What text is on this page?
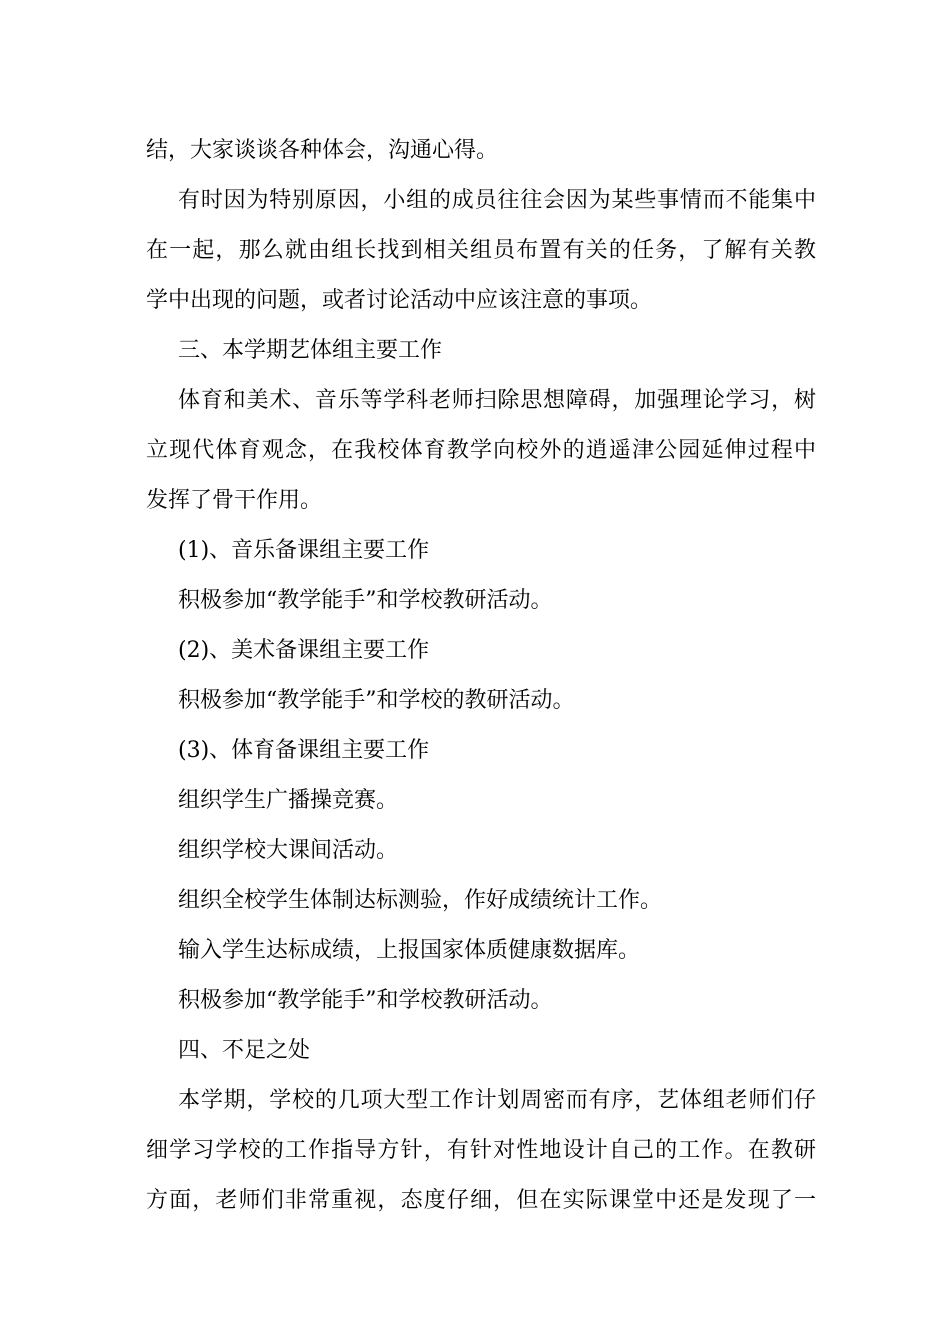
结，大家谈谈各种体会，沟通心得。
有时因为特别原因，小组的成员往往会因为某些事情而不能集中
在一起，那么就由组长找到相关组员布置有关的任务，了解有关教
学中出现的问题，或者讨论活动中应该注意的事项。
三、本学期艺体组主要工作
体育和美术、音乐等学科老师扫除思想障碍，加强理论学习，树
立现代体育观念，在我校体育教学向校外的逍遥津公园延伸过程中
发挥了骨干作用。
(1)、音乐备课组主要工作
积极参加“教学能手”和学校教研活动。
(2)、美术备课组主要工作
积极参加“教学能手”和学校的教研活动。
(3)、体育备课组主要工作
组织学生广播操竞赛。
组织学校大课间活动。
组织全校学生体制达标测验，作好成绩统计工作。
输入学生达标成绩，上报国家体质健康数据库。
积极参加“教学能手”和学校教研活动。
四、不足之处
本学期，学校的几项大型工作计划周密而有序，艺体组老师们仔
细学习学校的工作指导方针，有针对性地设计自己的工作。在教研
方面，老师们非常重视，态度仔细，但在实际课堂中还是发现了一
